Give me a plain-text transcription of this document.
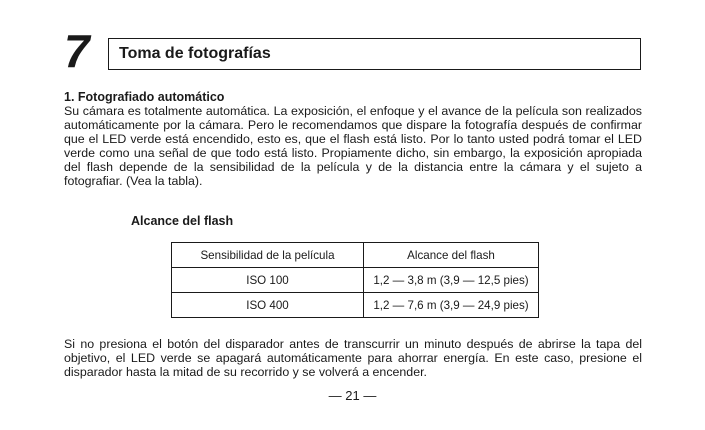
7 Toma de fotografías
1. Fotografiado automático

Su cámara es totalmente automática. La exposición, el enfoque y el avance de la película son realizados automáticamente por la cámara. Pero le recomendamos que dispare la fotografía después de confirmar que el LED verde está encendido, esto es, que el flash está listo. Por lo tanto usted podrá tomar el LED verde como una señal de que todo está listo. Propiamente dicho, sin embargo, la exposición apropiada del flash depende de la sensibilidad de la película y de la distancia entre la cámara y el sujeto a fotografiar. (Vea la tabla).

Alcance del flash
Sensibilidad de la película	Alcance del flash
ISO 100	1,2 — 3,8 m (3,9 — 12,5 pies)
ISO 400	1,2 — 7,6 m (3,9 — 24,9 pies)

Si no presiona el botón del disparador antes de transcurrir un minuto después de abrirse la tapa del objetivo, el LED verde se apagará automáticamente para ahorrar energía. En este caso, presione el disparador hasta la mitad de su recorrido y se volverá a encender.

— 21 —
